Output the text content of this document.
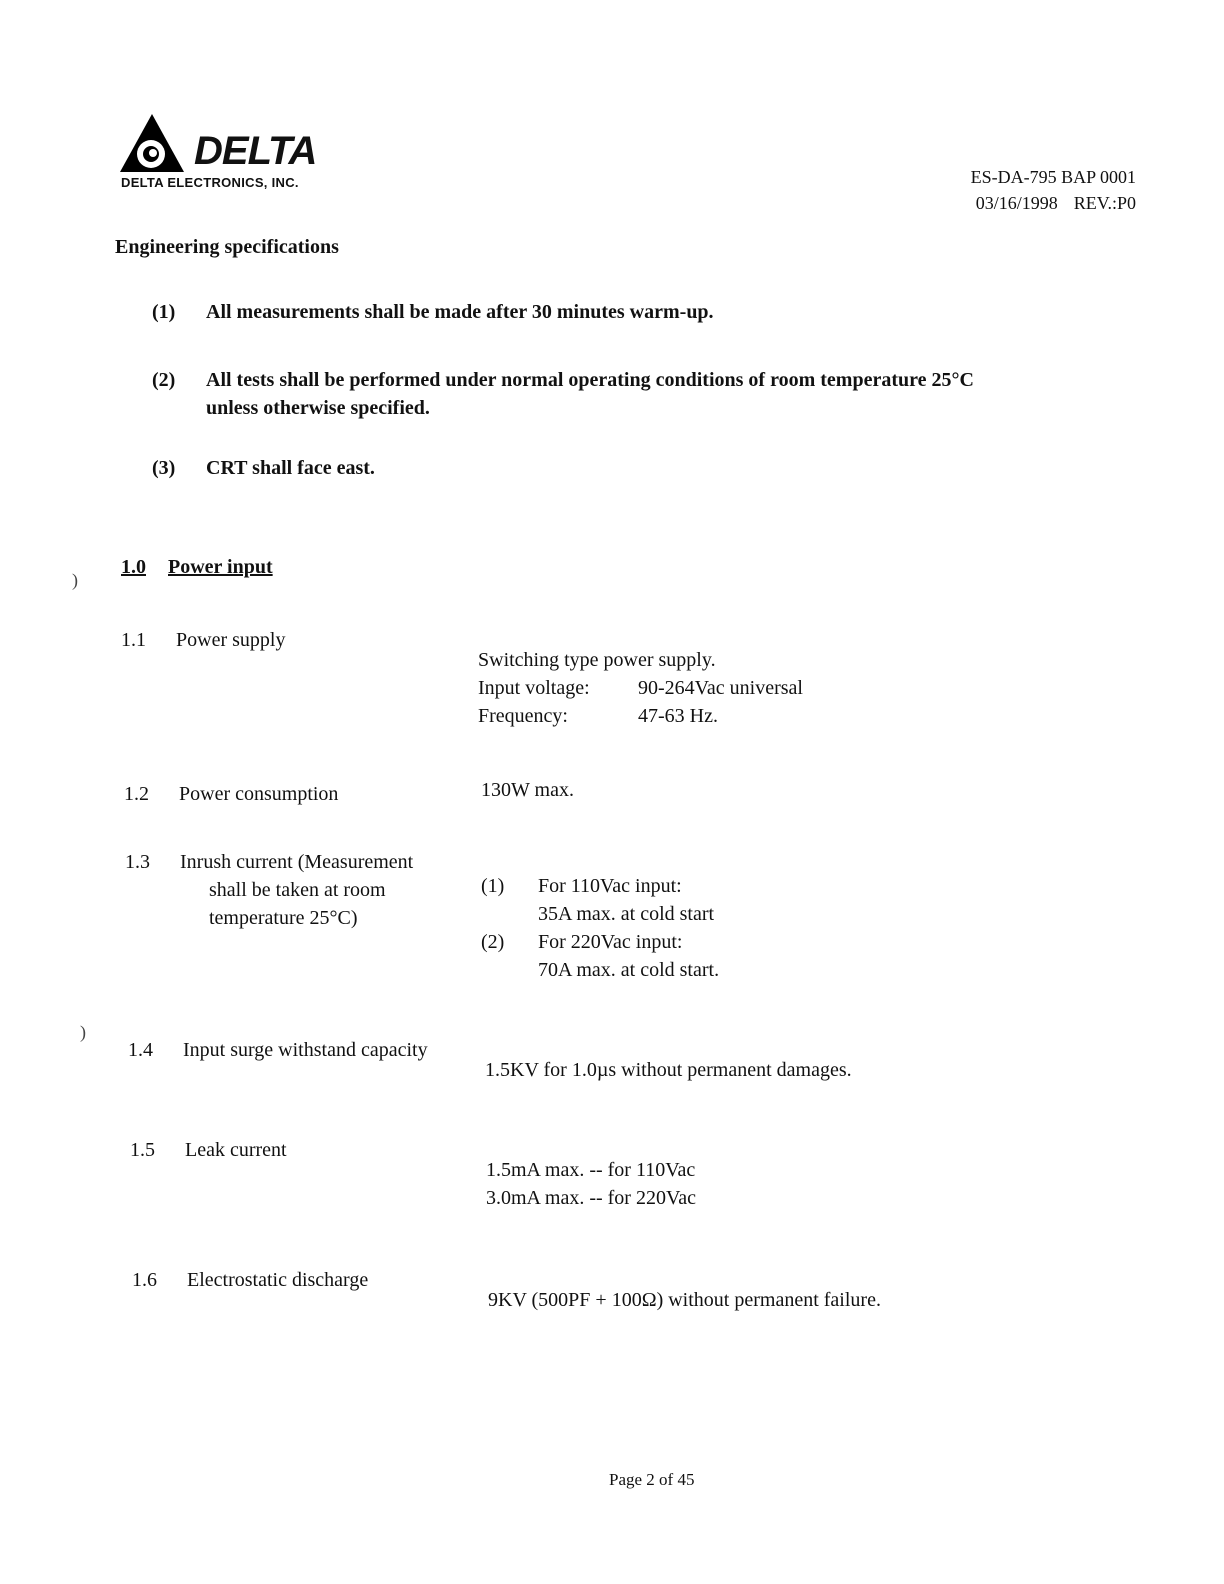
DELTA
DELTA ELECTRONICS, INC.	ES-DA-795 BAP 0001
03/16/1998 REV.:P0
Engineering specifications
(1) All measurements shall be made after 30 minutes warm-up.
(2) All tests shall be performed under normal operating conditions of room temperature 25°C
unless otherwise specified.
(3) CRT shall face east.
1.0 Power input
)
)
1.1 Power supply
Switching type power supply.
Input voltage:	90-264Vac universal
Frequency:	47-63 Hz.
1.2 Power consumption	130W max.
1.3 Inrush current (Measurement
shall be taken at room
temperature 25°C)
(1) For 110Vac input:
35A max. at cold start
(2) For 220Vac input:
70A max. at cold start.
1.4 Input surge withstand capacity
1.5KV for 1.0µs without permanent damages.
1.5 Leak current
1.5mA max. -- for 110Vac
3.0mA max. -- for 220Vac
1.6 Electrostatic discharge
9KV (500PF + 100Ω) without permanent failure.
Page 2 of 45
